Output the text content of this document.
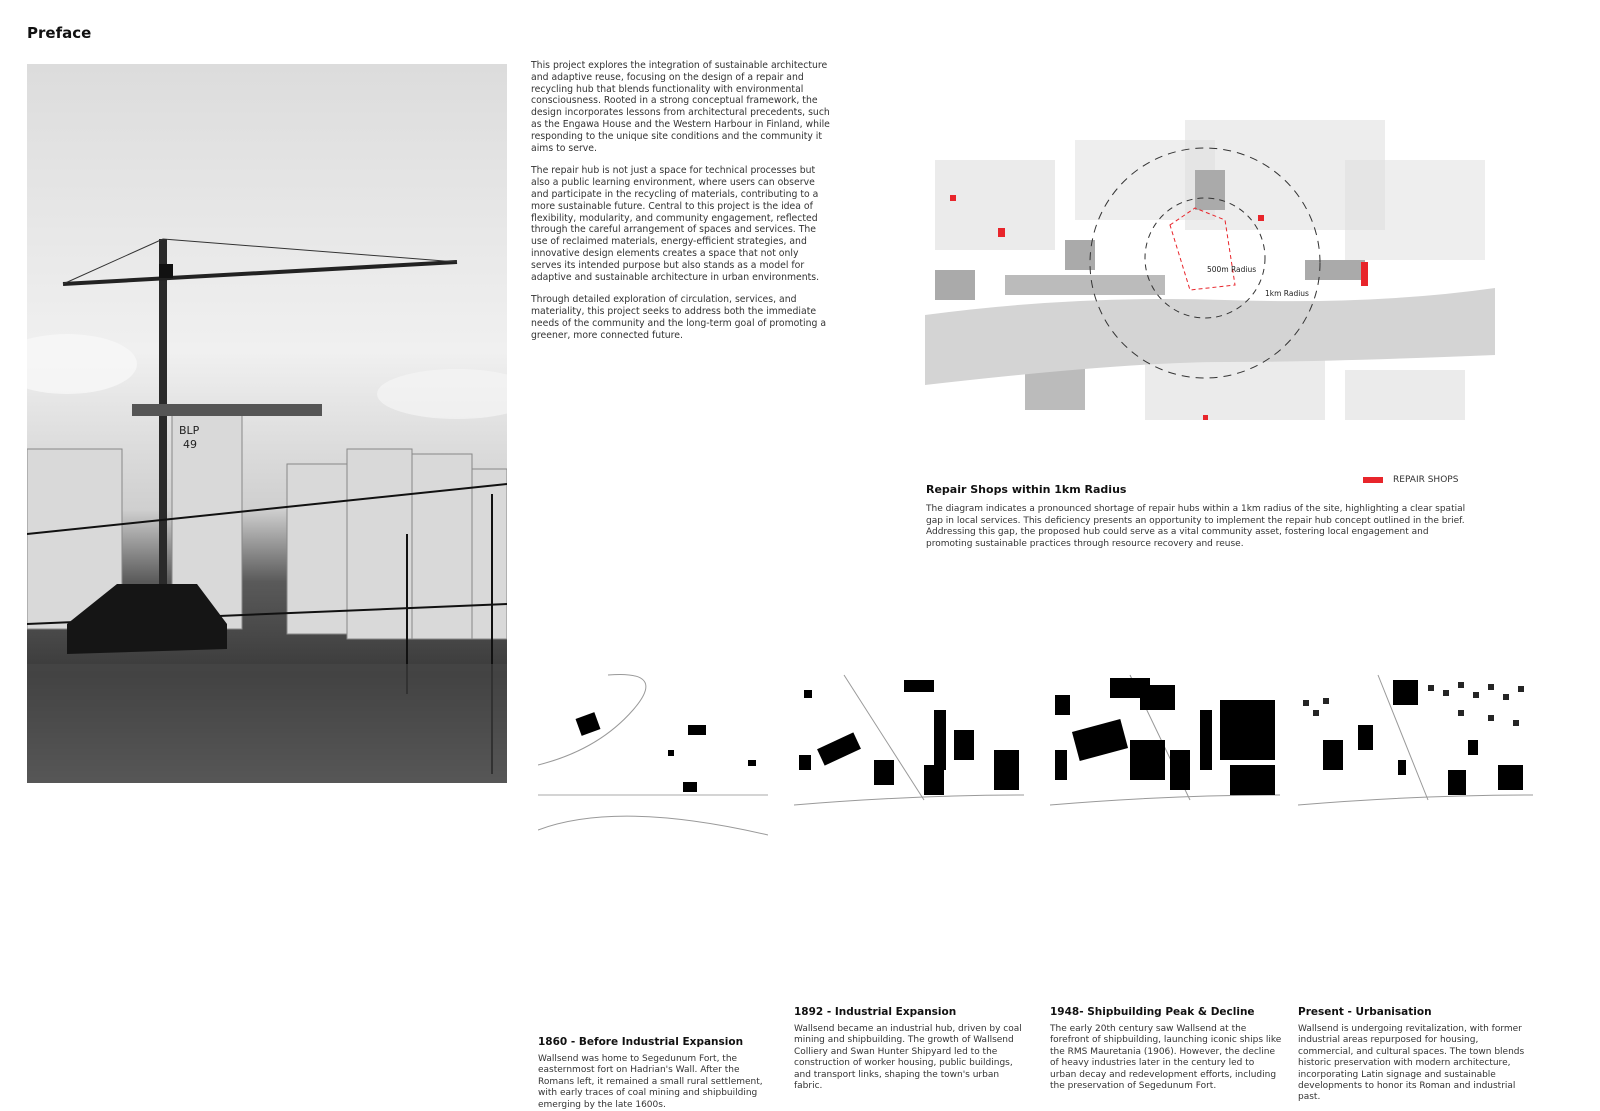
Preface
BLP
49

This project explores the integration of sustainable architecture and adaptive reuse, focusing on the design of a repair and recycling hub that blends functionality with environmental consciousness. Rooted in a strong conceptual framework, the design incorporates lessons from architectural precedents, such as the Engawa House and the Western Harbour in Finland, while responding to the unique site conditions and the community it aims to serve.

The repair hub is not just a space for technical processes but also a public learning environment, where users can observe and participate in the recycling of materials, contributing to a more sustainable future. Central to this project is the idea of flexibility, modularity, and community engagement, reflected through the careful arrangement of spaces and services. The use of reclaimed materials, energy-efficient strategies, and innovative design elements creates a space that not only serves its intended purpose but also stands as a model for adaptive and sustainable architecture in urban environments.

Through detailed exploration of circulation, services, and materiality, this project seeks to address both the immediate needs of the community and the long-term goal of promoting a greener, more connected future.

500m Radius
1km Radius
REPAIR SHOPS
Repair Shops within 1km Radius

The diagram indicates a pronounced shortage of repair hubs within a 1km radius of the site, highlighting a clear spatial gap in local services. This deficiency presents an opportunity to implement the repair hub concept outlined in the brief. Addressing this gap, the proposed hub could serve as a vital community asset, fostering local engagement and promoting sustainable practices through resource recovery and reuse.

1860 - Before Industrial Expansion

Wallsend was home to Segedunum Fort, the easternmost fort on Hadrian's Wall. After the Romans left, it remained a small rural settlement, with early traces of coal mining and shipbuilding emerging by the late 1600s.

1892 - Industrial Expansion

Wallsend became an industrial hub, driven by coal mining and shipbuilding. The growth of Wallsend Colliery and Swan Hunter Shipyard led to the construction of worker housing, public buildings, and transport links, shaping the town's urban fabric.

1948- Shipbuilding Peak & Decline

The early 20th century saw Wallsend at the forefront of shipbuilding, launching iconic ships like the RMS Mauretania (1906). However, the decline of heavy industries later in the century led to urban decay and redevelopment efforts, including the preservation of Segedunum Fort.

Present - Urbanisation

Wallsend is undergoing revitalization, with former industrial areas repurposed for housing, commercial, and cultural spaces. The town blends historic preservation with modern architecture, incorporating Latin signage and sustainable developments to honor its Roman and industrial past.
